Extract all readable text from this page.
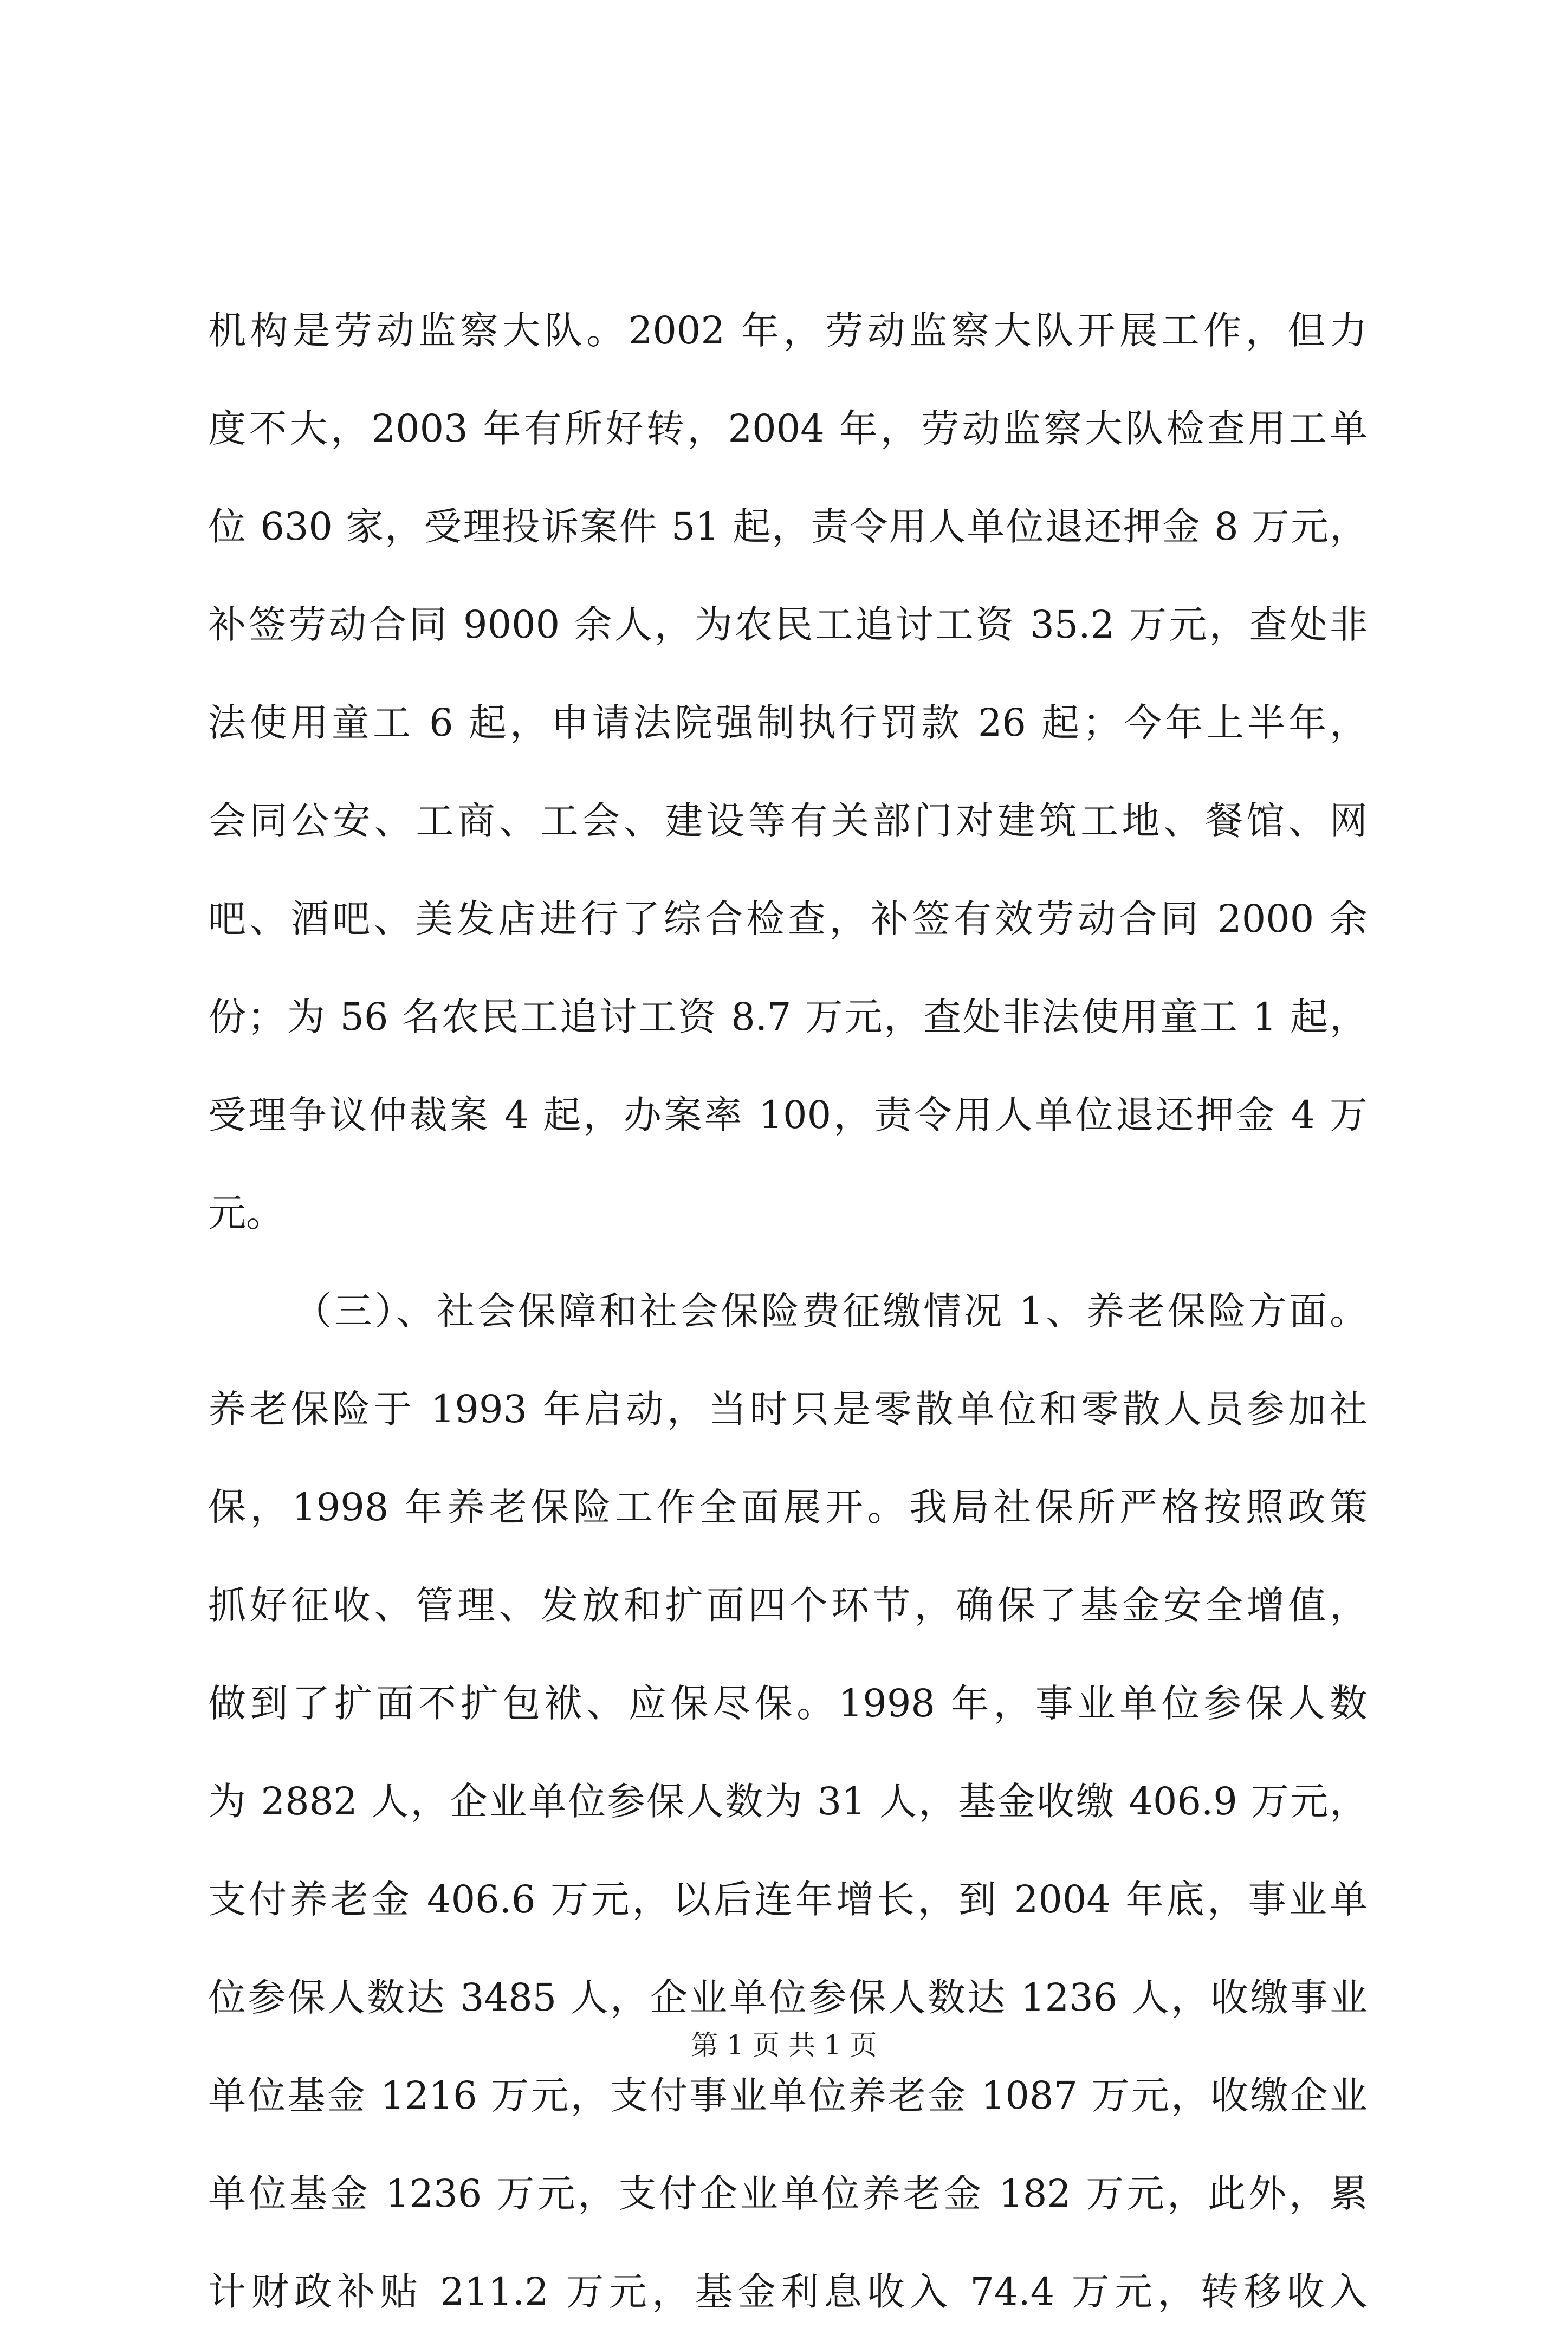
机构是劳动监察大队。2002 年，劳动监察大队开展工作，但力
度不大，2003 年有所好转，2004 年，劳动监察大队检查用工单
位 630 家，受理投诉案件 51 起，责令用人单位退还押金 8 万元，
补签劳动合同 9000 余人，为农民工追讨工资 35.2 万元，查处非
法使用童工 6 起，申请法院强制执行罚款 26 起；今年上半年，
会同公安、工商、工会、建设等有关部门对建筑工地、餐馆、网
吧、酒吧、美发店进行了综合检查，补签有效劳动合同 2000 余
份；为 56 名农民工追讨工资 8.7 万元，查处非法使用童工 1 起，
受理争议仲裁案 4 起，办案率 100，责令用人单位退还押金 4 万
元。
（三）、社会保障和社会保险费征缴情况 1、养老保险方面。
养老保险于 1993 年启动，当时只是零散单位和零散人员参加社
保，1998 年养老保险工作全面展开。我局社保所严格按照政策
抓好征收、管理、发放和扩面四个环节，确保了基金安全增值，
做到了扩面不扩包袱、应保尽保。1998 年，事业单位参保人数
为 2882 人，企业单位参保人数为 31 人，基金收缴 406.9 万元，
支付养老金 406.6 万元，以后连年增长，到 2004 年底，事业单
位参保人数达 3485 人，企业单位参保人数达 1236 人，收缴事业
单位基金 1216 万元，支付事业单位养老金 1087 万元，收缴企业
单位基金 1236 万元，支付企业单位养老金 182 万元，此外，累
计财政补贴 211.2 万元，基金利息收入 74.4 万元，转移收入
第 1 页 共 1 页
